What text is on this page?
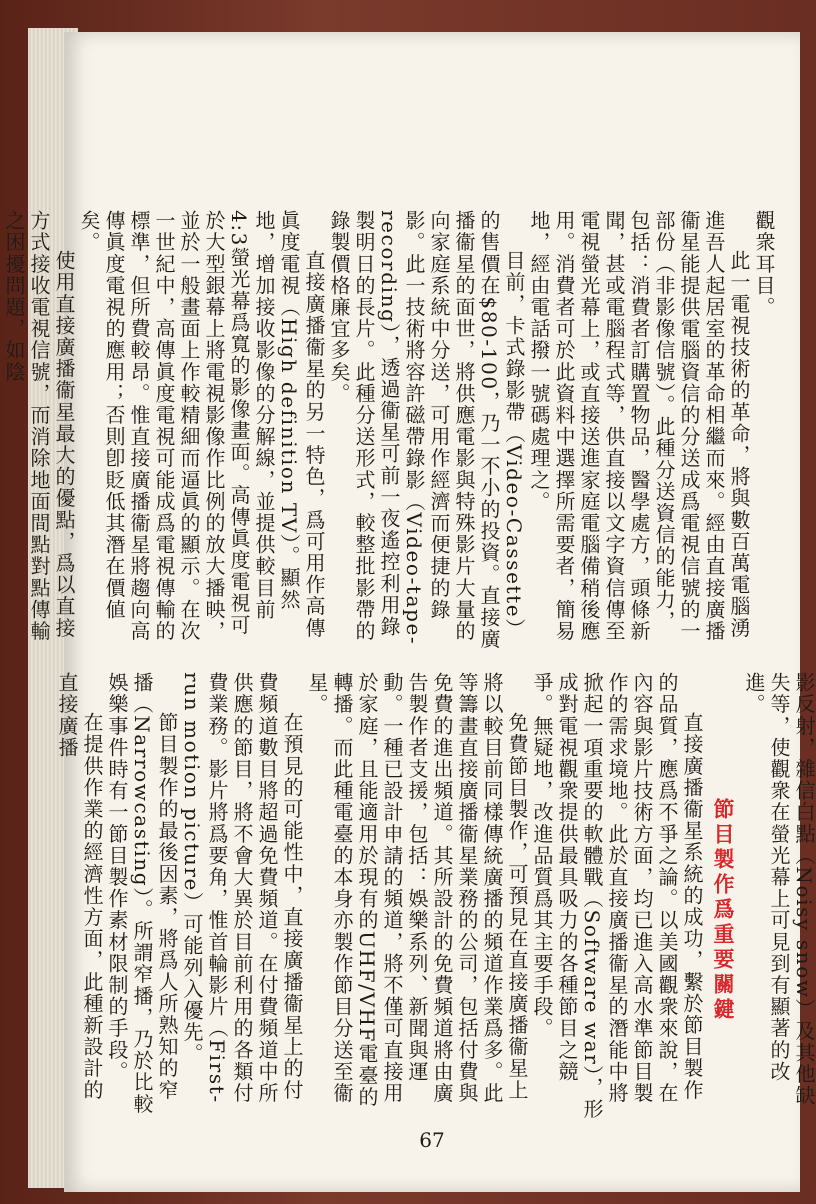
觀衆耳目。

此一電視技術的革命，將與數百萬電腦湧進吾人起居室的革命相繼而來。經由直接廣播衞星能提供電腦資信的分送成爲電視信號的一部份（非影像信號）。此種分送資信的能力，包括：消費者訂購置物品，醫學處方，頭條新聞，甚或電腦程式等，供直接以文字資信傳至電視螢光幕上，或直接送進家庭電腦備稍後應用。消費者可於此資料中選擇所需要者，簡易地，經由電話撥一號碼處理之。

目前，卡式錄影帶（Video-Cassette）的售價在$80-100，乃一不小的投資。直接廣播衞星的面世，將供應電影與特殊影片大量的向家庭系統中分送，可用作經濟而便捷的錄影。此一技術將容許磁帶錄影（Video-tape-recording），透過衞星可前一夜遙控利用錄製明日的長片。此種分送形式，較整批影帶的錄製價格廉宜多矣。

直接廣播衞星的另一特色，爲可用作高傳眞度電視（High definition TV）。顯然地，增加接收影像的分解線，並提供較目前4:3螢光幕爲寬的影像畫面。高傳眞度電視可於大型銀幕上將電視影像作比例的放大播映，並於一般畫面上作較精細而逼眞的顯示。在次一世紀中，高傳眞度電視可能成爲電視傳輸的標準，但所費較昂。惟直接廣播衞星將趨向高傳眞度電視的應用；否則卽貶低其潛在價値矣。

使用直接廣播衞星最大的優點，爲以直接方式接收電視信號，而消除地面間點對點傳輸之困擾問題，如陰

影反射，雜信白點（Noisy snow）及其他缺失等，使觀衆在螢光幕上可見到有顯著的改進。

節目製作爲重要關鍵

直接廣播衞星系統的成功，繫於節目製作的品質，應爲不爭之論。以美國觀衆來說，在內容與影片技術方面，均已進入高水準節目製作的需求境地。此於直接廣播衞星的潛能中將掀起一項重要的軟體戰（Software war），形成對電視觀衆提供最具吸力的各種節目之競爭。無疑地，改進品質爲其主要手段。

免費節目製作，可預見在直接廣播衞星上將以較目前同樣傳統廣播的頻道作業爲多。此等籌畫直接廣播衞星業務的公司，包括付費與免費的進出頻道。其所設計的免費頻道將由廣告製作者支援，包括：娛樂系列、新聞與運動。一種已設計申請的頻道，將不僅可直接用於家庭，且能適用於現有的UHF/VHF電臺的轉播。而此種電臺的本身亦製作節目分送至衞星。

在預見的可能性中，直接廣播衞星上的付費頻道數目將超過免費頻道。在付費頻道中所供應的節目，將不會大異於目前利用的各類付費業務。影片將爲要角，惟首輪影片（First-run motion picture）可能列入優先。

節目製作的最後因素，將爲人所熟知的窄播（Narrowcasting）。所謂窄播，乃於比較娛樂事件時有一節目製作素材限制的手段。

在提供作業的經濟性方面，此種新設計的直接廣播

67
